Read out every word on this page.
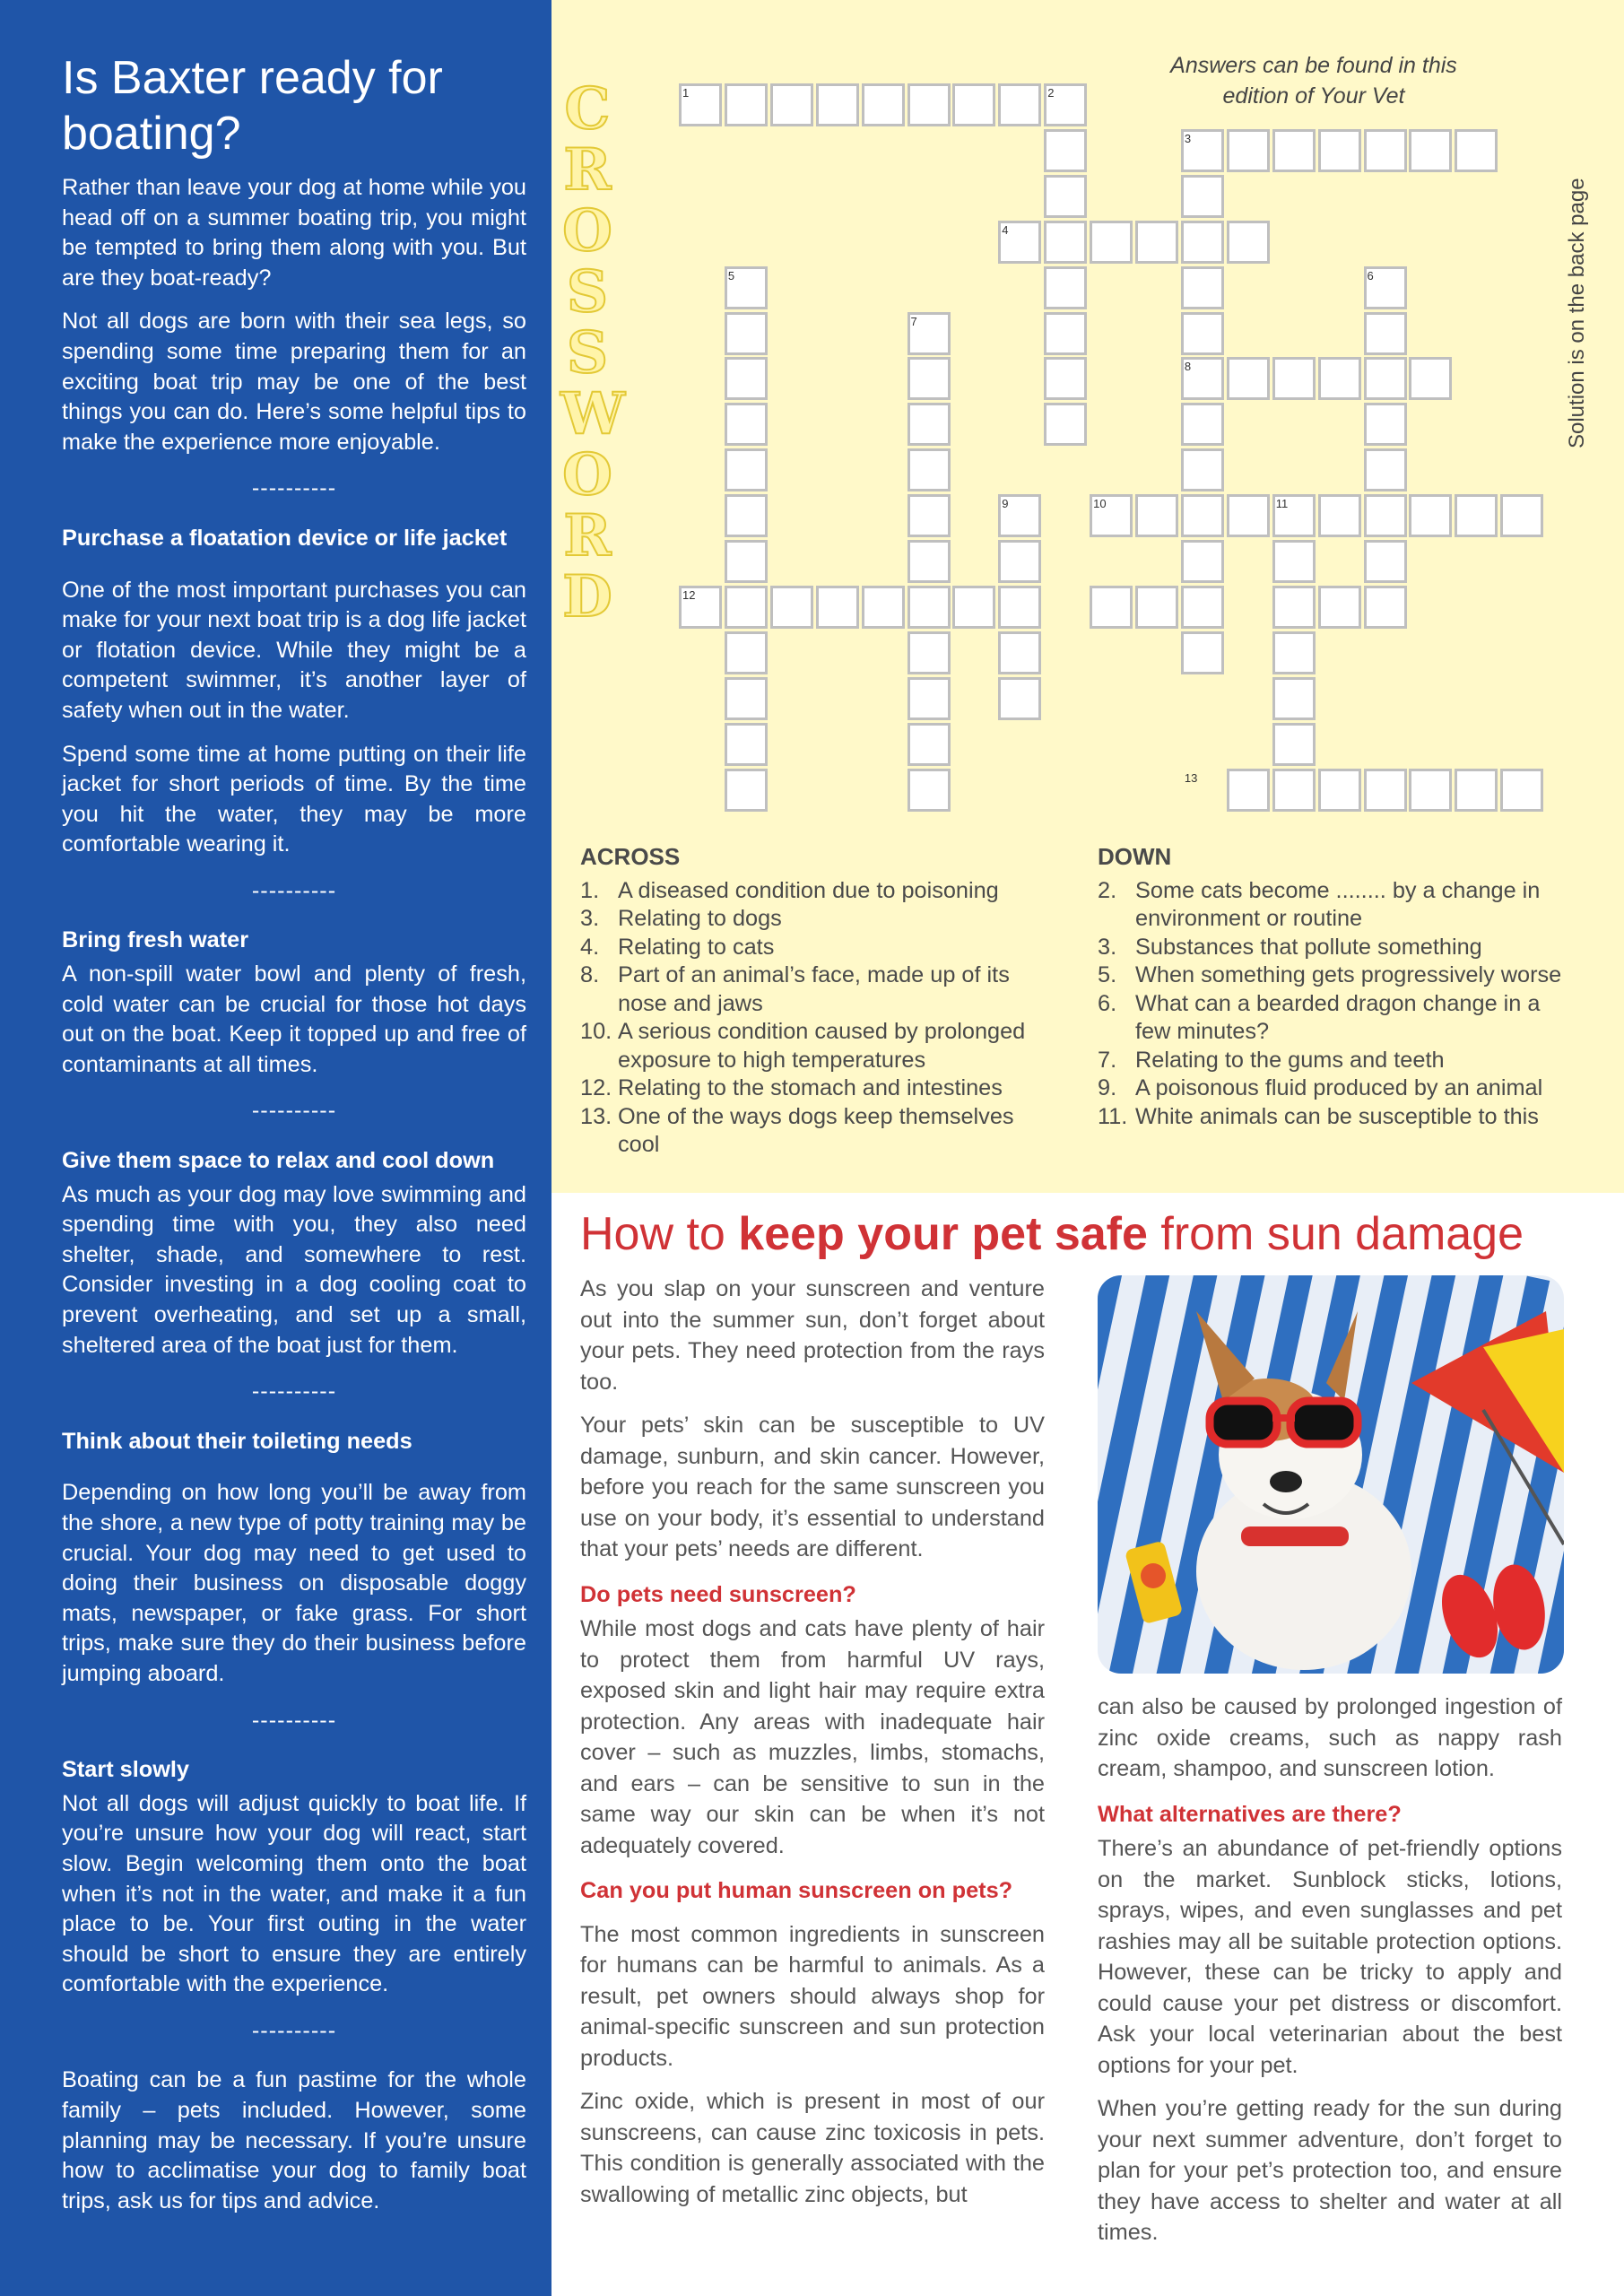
Is Baxter ready for
boating?

Rather than leave your dog at home while you head off on a summer boating trip, you might be tempted to bring them along with you. But are they boat-ready?

Not all dogs are born with their sea legs, so spending some time preparing them for an exciting boat trip may be one of the best things you can do. Here’s some helpful tips to make the experience more enjoyable.

----------

Purchase a floatation device or life jacket

One of the most important purchases you can make for your next boat trip is a dog life jacket or flotation device. While they might be a competent swimmer, it’s another layer of safety when out in the water.

Spend some time at home putting on their life jacket for short periods of time. By the time you hit the water, they may be more comfortable wearing it.

----------

Bring fresh water

A non-spill water bowl and plenty of fresh, cold water can be crucial for those hot days out on the boat. Keep it topped up and free of contaminants at all times.

----------

Give them space to relax and cool down

As much as your dog may love swimming and spending time with you, they also need shelter, shade, and somewhere to rest. Consider investing in a dog cooling coat to prevent overheating, and set up a small, sheltered area of the boat just for them.

----------

Think about their toileting needs

Depending on how long you’ll be away from the shore, a new type of potty training may be crucial. Your dog may need to get used to doing their business on disposable doggy mats, newspaper, or fake grass. For short trips, make sure they do their business before jumping aboard.

----------

Start slowly

Not all dogs will adjust quickly to boat life. If you’re unsure how your dog will react, start slow. Begin welcoming them onto the boat when it’s not in the water, and make it a fun place to be. Your first outing in the water should be short to ensure they are entirely comfortable with the experience.

----------

Boating can be a fun pastime for the whole family – pets included. However, some planning may be necessary. If you’re unsure how to acclimatise your dog to family boat trips, ask us for tips and advice.

C
R
O
S
S
W
O
R
D
Answers can be found in this edition of Your Vet
Solution is on the back page
1	2
3
4
5	6
7
8
9	10	11
12
13
ACROSS
1. A diseased condition due to poisoning
3. Relating to dogs
4. Relating to cats
8. Part of an animal’s face, made up of its nose and jaws
10. A serious condition caused by prolonged exposure to high temperatures
12. Relating to the stomach and intestines
13. One of the ways dogs keep themselves cool
DOWN
2. Some cats become ........ by a change in environment or routine
3. Substances that pollute something
5. When something gets progressively worse
6. What can a bearded dragon change in a few minutes?
7. Relating to the gums and teeth
9. A poisonous fluid produced by an animal
11. White animals can be susceptible to this
How to keep your pet safe from sun damage

As you slap on your sunscreen and venture out into the summer sun, don’t forget about your pets. They need protection from the rays too.

Your pets’ skin can be susceptible to UV damage, sunburn, and skin cancer. However, before you reach for the same sunscreen you use on your body, it’s essential to understand that your pets’ needs are different.

Do pets need sunscreen?

While most dogs and cats have plenty of hair to protect them from harmful UV rays, exposed skin and light hair may require extra protection. Any areas with inadequate hair cover – such as muzzles, limbs, stomachs, and ears – can be sensitive to sun in the same way our skin can be when it’s not adequately covered.

Can you put human sunscreen on pets?

The most common ingredients in sunscreen for humans can be harmful to animals. As a result, pet owners should always shop for animal-specific sunscreen and sun protection products.

Zinc oxide, which is present in most of our sunscreens, can cause zinc toxicosis in pets. This condition is generally associated with the swallowing of metallic zinc objects, but

can also be caused by prolonged ingestion of zinc oxide creams, such as nappy rash cream, shampoo, and sunscreen lotion.

What alternatives are there?

There’s an abundance of pet-friendly options on the market. Sunblock sticks, lotions, sprays, wipes, and even sunglasses and pet rashies may all be suitable protection options. However, these can be tricky to apply and could cause your pet distress or discomfort. Ask your local veterinarian about the best options for your pet.

When you’re getting ready for the sun during your next summer adventure, don’t forget to plan for your pet’s protection too, and ensure they have access to shelter and water at all times.
